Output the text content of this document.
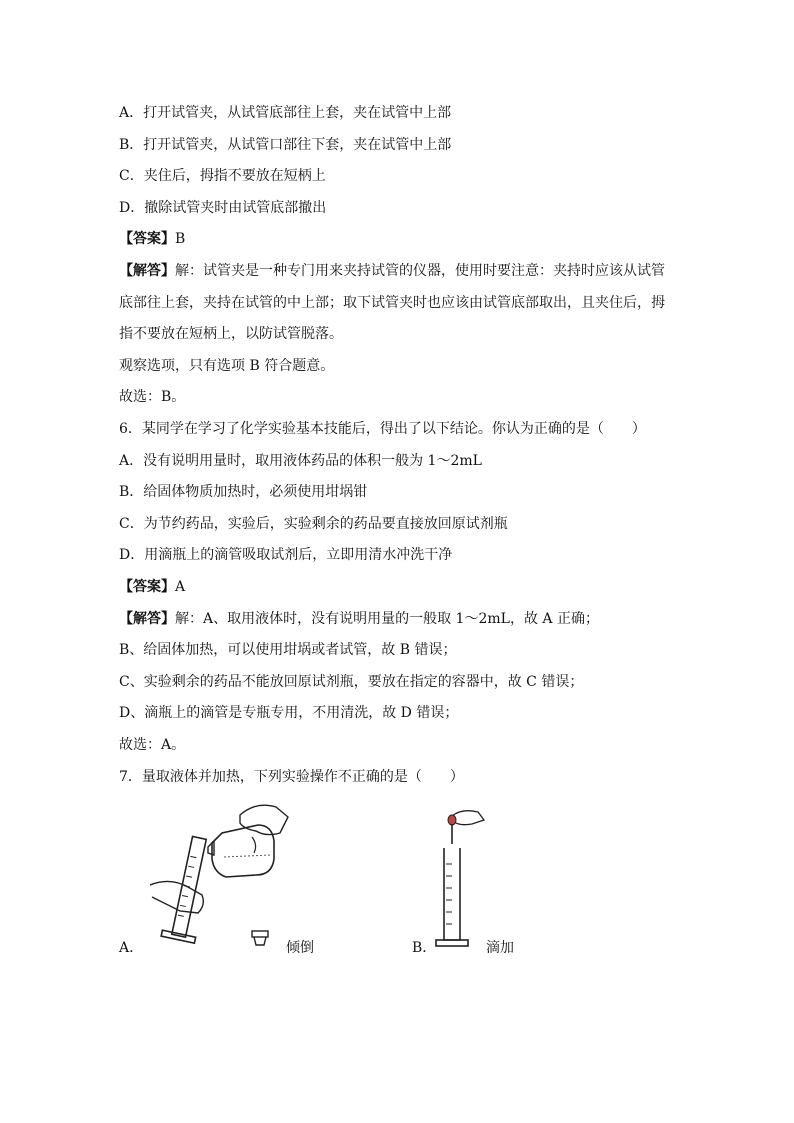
A．打开试管夹，从试管底部往上套，夹在试管中上部
B．打开试管夹，从试管口部往下套，夹在试管中上部
C．夹住后，拇指不要放在短柄上
D．撤除试管夹时由试管底部撤出
【答案】B
【解答】解：试管夹是一种专门用来夹持试管的仪器，使用时要注意：夹持时应该从试管
底部往上套，夹持在试管的中上部；取下试管夹时也应该由试管底部取出，且夹住后，拇
指不要放在短柄上，以防试管脱落。
观察选项，只有选项 B 符合题意。
故选：B。
6．某同学在学习了化学实验基本技能后，得出了以下结论。你认为正确的是（　　）
A．没有说明用量时，取用液体药品的体积一般为 1～2mL
B．给固体物质加热时，必须使用坩埚钳
C．为节约药品，实验后，实验剩余的药品要直接放回原试剂瓶
D．用滴瓶上的滴管吸取试剂后，立即用清水冲洗干净
【答案】A
【解答】解：A、取用液体时，没有说明用量的一般取 1～2mL，故 A 正确；
B、给固体加热，可以使用坩埚或者试管，故 B 错误；
C、实验剩余的药品不能放回原试剂瓶，要放在指定的容器中，故 C 错误；
D、滴瓶上的滴管是专瓶专用，不用清洗，故 D 错误；
故选：A。
7．量取液体并加热，下列实验操作不正确的是（　　）
A．	倾倒	B．	滴加
